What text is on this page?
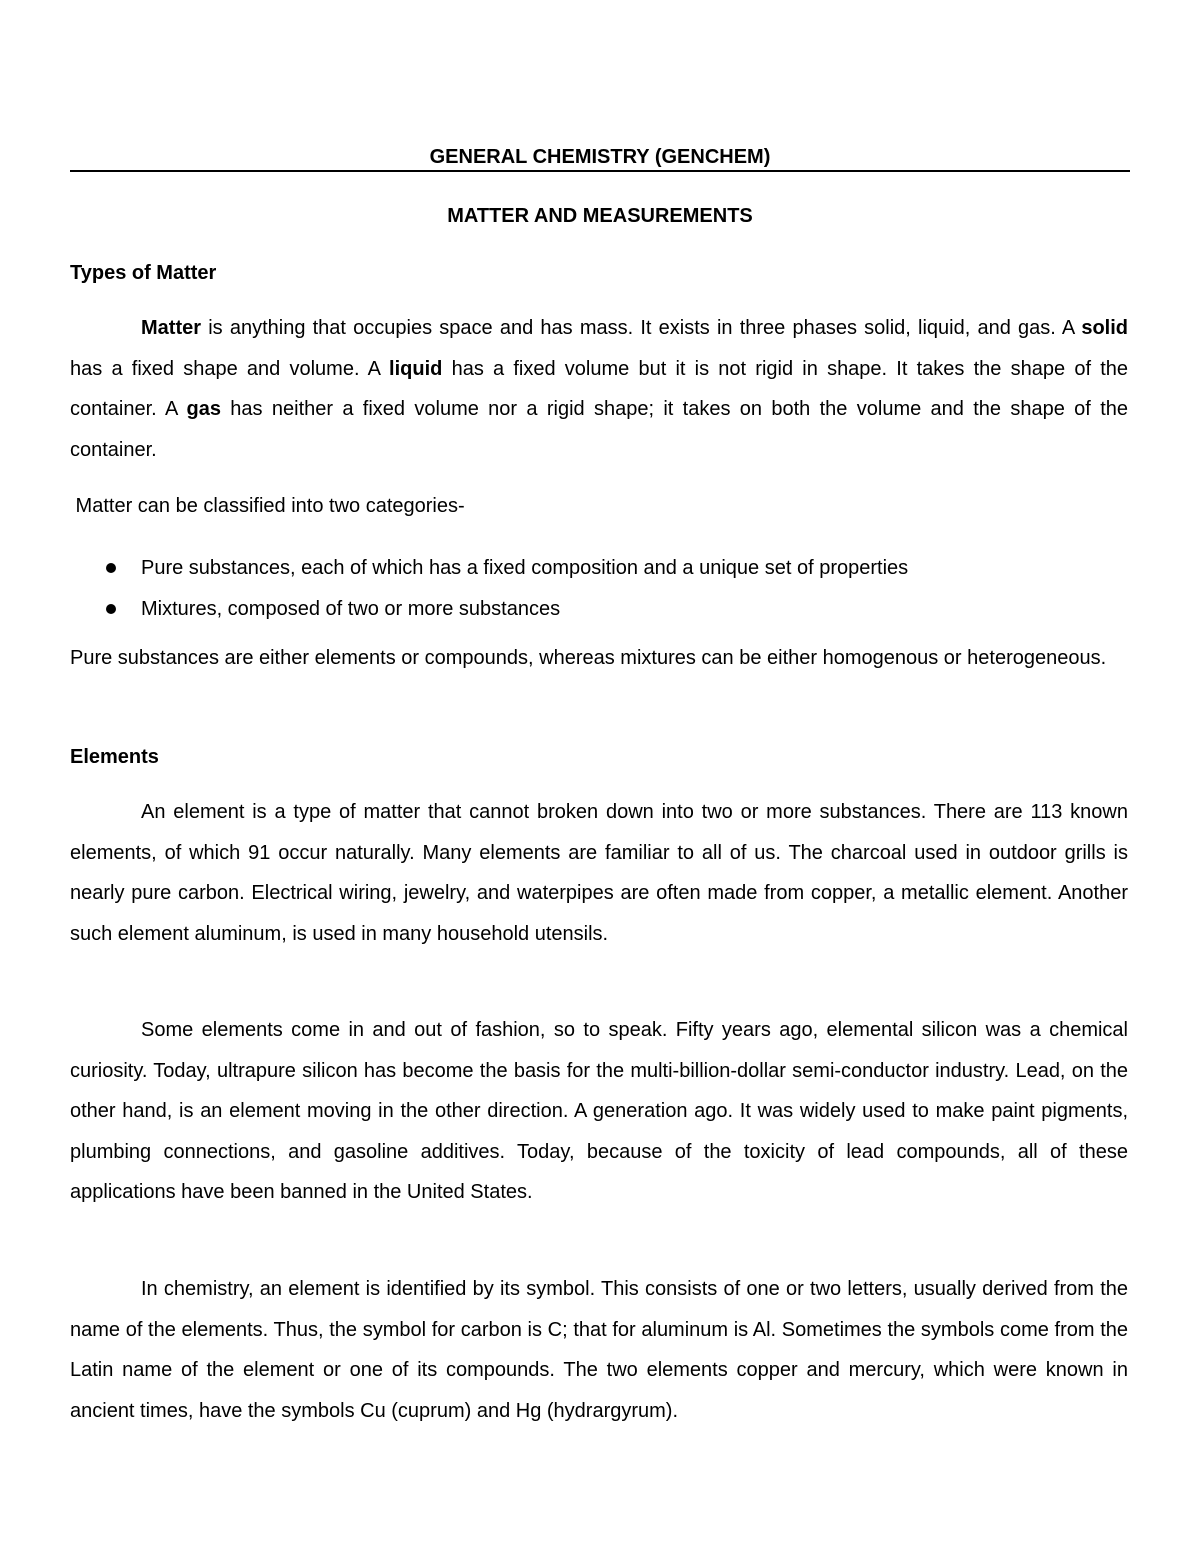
GENERAL CHEMISTRY (GENCHEM)
MATTER AND MEASUREMENTS
Types of Matter
Matter is anything that occupies space and has mass. It exists in three phases solid, liquid, and gas. A solid has a fixed shape and volume. A liquid has a fixed volume but it is not rigid in shape. It takes the shape of the container. A gas has neither a fixed volume nor a rigid shape; it takes on both the volume and the shape of the container.
Matter can be classified into two categories-
Pure substances, each of which has a fixed composition and a unique set of properties
Mixtures, composed of two or more substances
Pure substances are either elements or compounds, whereas mixtures can be either homogenous or heterogeneous.
Elements
An element is a type of matter that cannot broken down into two or more substances. There are 113 known elements, of which 91 occur naturally. Many elements are familiar to all of us. The charcoal used in outdoor grills is nearly pure carbon. Electrical wiring, jewelry, and waterpipes are often made from copper, a metallic element. Another such element aluminum, is used in many household utensils.
Some elements come in and out of fashion, so to speak. Fifty years ago, elemental silicon was a chemical curiosity. Today, ultrapure silicon has become the basis for the multi-billion-dollar semi-conductor industry. Lead, on the other hand, is an element moving in the other direction. A generation ago. It was widely used to make paint pigments, plumbing connections, and gasoline additives. Today, because of the toxicity of lead compounds, all of these applications have been banned in the United States.
In chemistry, an element is identified by its symbol. This consists of one or two letters, usually derived from the name of the elements. Thus, the symbol for carbon is C; that for aluminum is Al. Sometimes the symbols come from the Latin name of the element or one of its compounds. The two elements copper and mercury, which were known in ancient times, have the symbols Cu (cuprum) and Hg (hydrargyrum).
